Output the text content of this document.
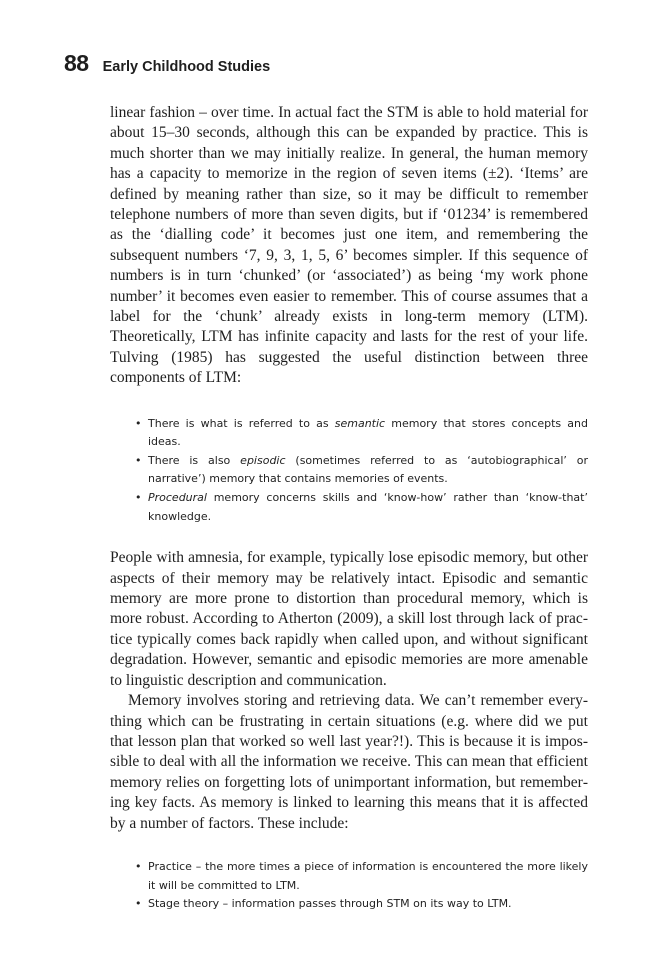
88 Early Childhood Studies

linear fashion – over time. In actual fact the STM is able to hold material for about 15–30 seconds, although this can be expanded by practice. This is much shorter than we may initially realize. In general, the human memory has a capacity to memorize in the region of seven items (±2). ‘Items’ are defined by meaning rather than size, so it may be difficult to remember telephone numbers of more than seven digits, but if ‘01234’ is remembered as the ‘dialling code’ it becomes just one item, and remembering the subsequent numbers ‘7, 9, 3, 1, 5, 6’ becomes simpler. If this sequence of numbers is in turn ‘chunked’ (or ‘associated’) as being ‘my work phone number’ it becomes even easier to remember. This of course assumes that a label for the ‘chunk’ already exists in long-term memory (LTM). Theoretically, LTM has infinite capacity and lasts for the rest of your life. Tulving (1985) has suggested the useful distinction between three components of LTM:

• There is what is referred to as semantic memory that stores concepts and ideas.
• There is also episodic (sometimes referred to as ‘autobiographical’ or narrative’) memory that contains memories of events.
• Procedural memory concerns skills and ‘know-how’ rather than ‘know-that’ knowledge.

People with amnesia, for example, typically lose episodic memory, but other aspects of their memory may be relatively intact. Episodic and semantic memory are more prone to distortion than procedural memory, which is more robust. According to Atherton (2009), a skill lost through lack of practice typically comes back rapidly when called upon, and without significant degradation. However, semantic and episodic memories are more amenable to linguistic description and communication.

Memory involves storing and retrieving data. We can’t remember everything which can be frustrating in certain situations (e.g. where did we put that lesson plan that worked so well last year?!). This is because it is impossible to deal with all the information we receive. This can mean that efficient memory relies on forgetting lots of unimportant information, but remembering key facts. As memory is linked to learning this means that it is affected by a number of factors. These include:

• Practice – the more times a piece of information is encountered the more likely it will be committed to LTM.
• Stage theory – information passes through STM on its way to LTM.
